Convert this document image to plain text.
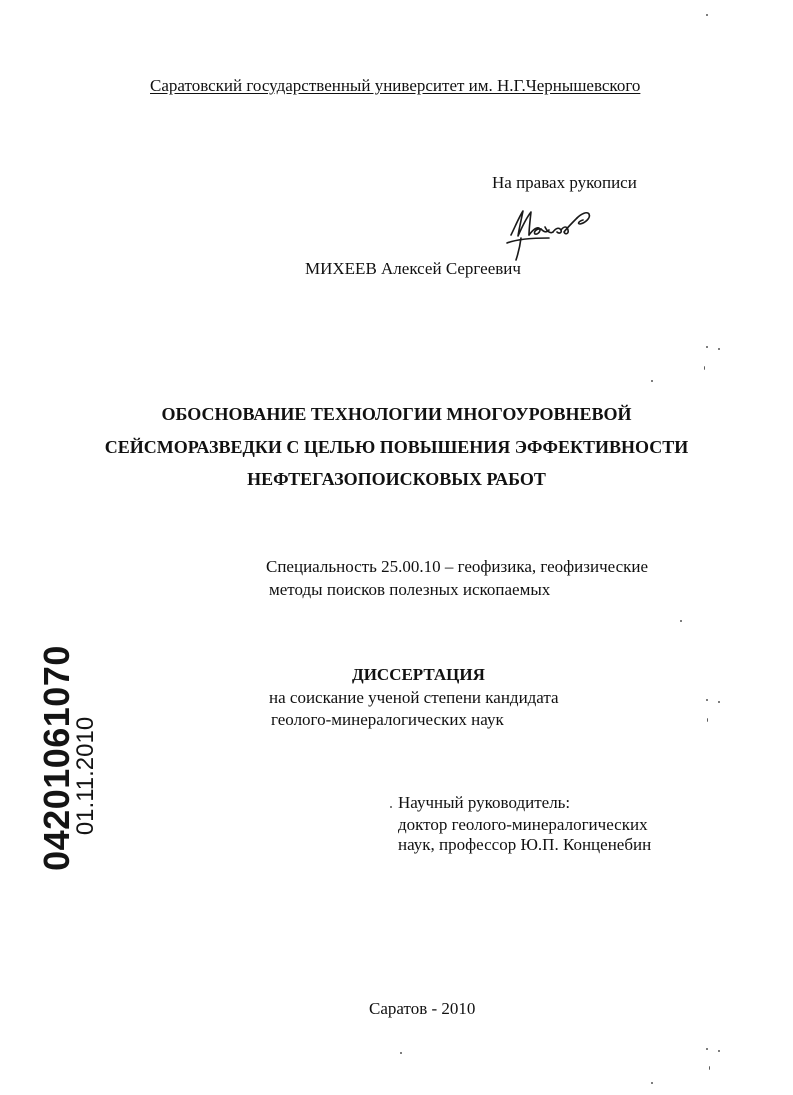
Саратовский государственный университет им. Н.Г.Чернышевского
На правах рукописи
МИХЕЕВ Алексей Сергеевич
ОБОСНОВАНИЕ ТЕХНОЛОГИИ МНОГОУРОВНЕВОЙ
СЕЙСМОРАЗВЕДКИ С ЦЕЛЬЮ ПОВЫШЕНИЯ ЭФФЕКТИВНОСТИ
НЕФТЕГАЗОПОИСКОВЫХ РАБОТ
Специальность 25.00.10 – геофизика, геофизические
методы поисков полезных ископаемых
ДИССЕРТАЦИЯ
на соискание ученой степени кандидата
геолого-минералогических наук
Научный руководитель:
доктор геолого-минералогических
наук, профессор Ю.П. Конценебин
Саратов - 2010
04201061070
01.11.2010
